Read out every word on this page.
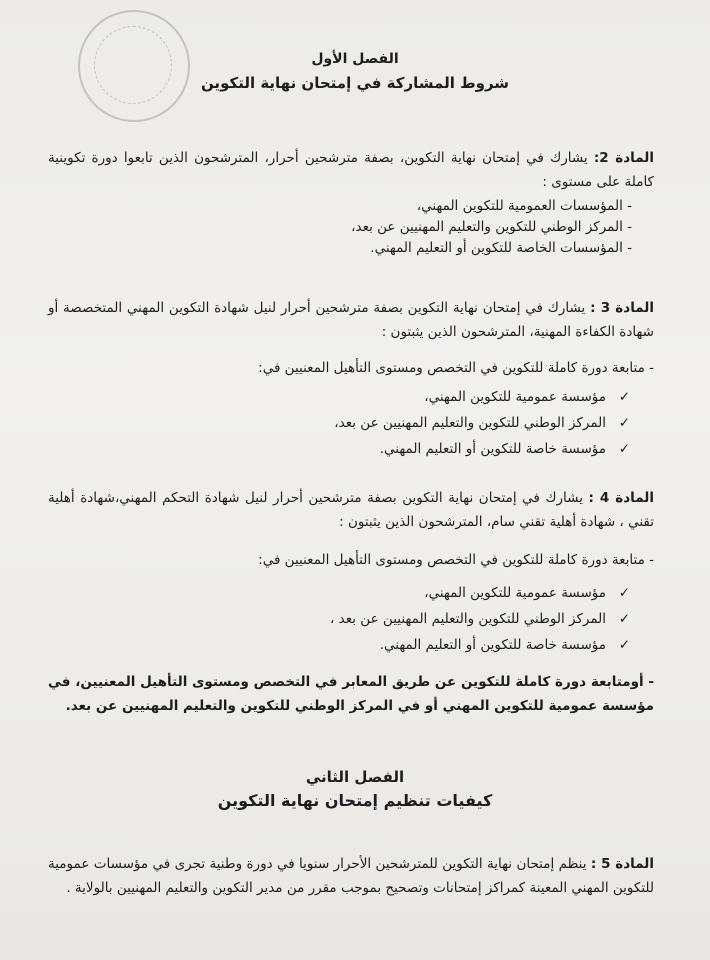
الفصل الأول
شروط المشاركة في إمتحان نهاية التكوين
المادة 2: يشارك في إمتحان نهاية التكوين، بصفة مترشحين أحرار، المترشحون الذين تابعوا دورة تكوينية كاملة على مستوى :
- المؤسسات العمومية للتكوين المهني،
- المركز الوطني للتكوين والتعليم المهنيين عن بعد،
- المؤسسات الخاصة للتكوين أو التعليم المهني.
المادة 3 : يشارك في إمتحان نهاية التكوين بصفة مترشحين أحرار لنيل شهادة التكوين المهني المتخصصة أو شهادة الكفاءة المهنية، المترشحون الذين يثبتون :
- متابعة دورة كاملة للتكوين في التخصص ومستوى التأهيل المعنيين في:
✓مؤسسة عمومية للتكوين المهني،
✓المركز الوطني للتكوين والتعليم المهنيين عن بعد،
✓مؤسسة خاصة للتكوين أو التعليم المهني.
المادة 4 : يشارك في إمتحان نهاية التكوين بصفة مترشحين أحرار لنيل شهادة التحكم المهني،شهادة أهلية تقني ، شهادة أهلية تقني سام، المترشحون الذين يثبتون :
- متابعة دورة كاملة للتكوين في التخصص ومستوى التأهيل المعنيين في:
✓مؤسسة عمومية للتكوين المهني،
✓المركز الوطني للتكوين والتعليم المهنيين عن بعد ،
✓مؤسسة خاصة للتكوين أو التعليم المهني.
- أومتابعة دورة كاملة للتكوين عن طريق المعابر في التخصص ومستوى التأهيل المعنيين، في مؤسسة عمومية للتكوين المهني أو في المركز الوطني للتكوين والتعليم المهنيين عن بعد.
الفصل الثاني
كيفيات تنظيم إمتحان نهاية التكوين
المادة 5 : ينظم إمتحان نهاية التكوين للمترشحين الأحرار سنويا في دورة وطنية تجرى في مؤسسات عمومية للتكوين المهني المعينة كمراكز إمتحانات وتصحيح بموجب مقرر من مدير التكوين والتعليم المهنيين بالولاية .
